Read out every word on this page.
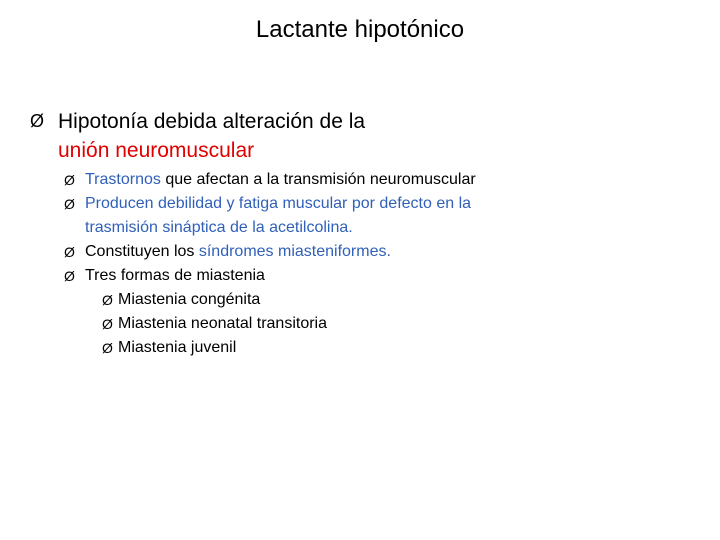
Lactante hipotónico
Ø Hipotonía debida alteración de la
unión neuromuscular
Ø Trastornos que afectan a la transmisión neuromuscular
Ø Producen debilidad y fatiga muscular por defecto en la trasmisión sináptica de la acetilcolina.
Ø Constituyen los síndromes miasteniformes.
Ø Tres formas de miastenia
Ø Miastenia congénita
Ø Miastenia neonatal transitoria
Ø Miastenia juvenil
